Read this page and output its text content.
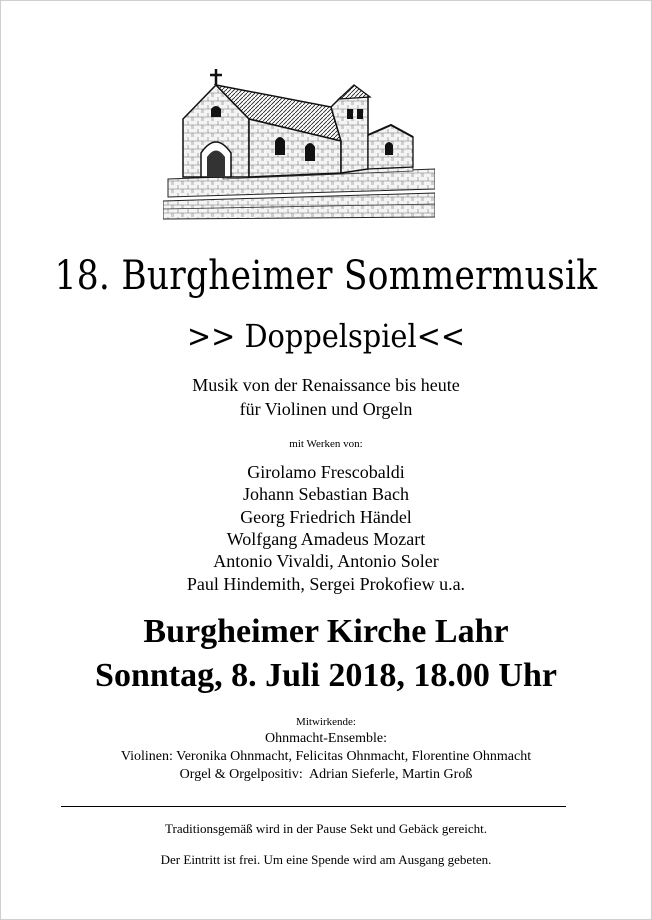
18. Burgheimer Sommermusik
>> Doppelspiel<<
Musik von der Renaissance bis heute
für Violinen und Orgeln
mit Werken von:
Girolamo Frescobaldi
Johann Sebastian Bach
Georg Friedrich Händel
Wolfgang Amadeus Mozart
Antonio Vivaldi, Antonio Soler
Paul Hindemith, Sergei Prokofiew u.a.
Burgheimer Kirche Lahr
Sonntag, 8. Juli 2018, 18.00 Uhr
Mitwirkende:
Ohnmacht-Ensemble:
Violinen: Veronika Ohnmacht, Felicitas Ohnmacht, Florentine Ohnmacht
Orgel & Orgelpositiv:  Adrian Sieferle, Martin Groß
Traditionsgemäß wird in der Pause Sekt und Gebäck gereicht.
Der Eintritt ist frei. Um eine Spende wird am Ausgang gebeten.
